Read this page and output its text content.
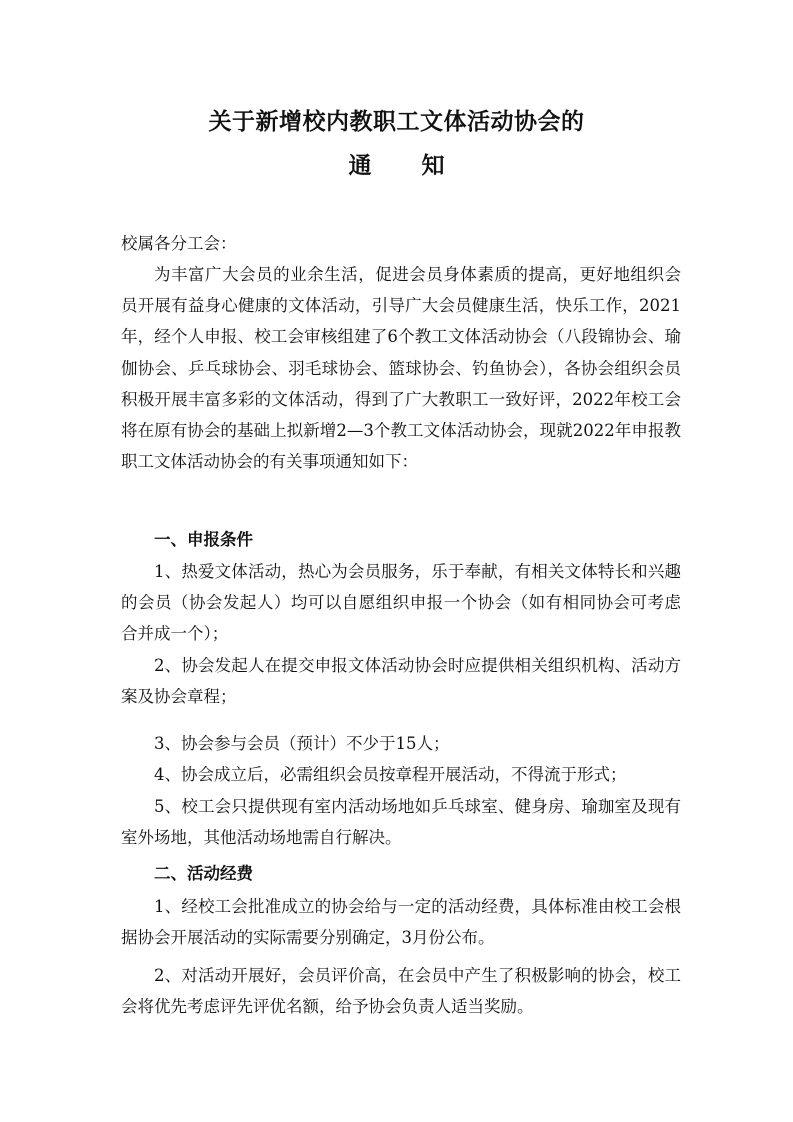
关于新增校内教职工文体活动协会的
通知
校属各分工会：
为丰富广大会员的业余生活，促进会员身体素质的提高，更好地组织会员开展有益身心健康的文体活动，引导广大会员健康生活，快乐工作，2021年，经个人申报、校工会审核组建了6个教工文体活动协会（八段锦协会、瑜伽协会、乒乓球协会、羽毛球协会、篮球协会、钓鱼协会），各协会组织会员积极开展丰富多彩的文体活动，得到了广大教职工一致好评，2022年校工会将在原有协会的基础上拟新增2—3个教工文体活动协会，现就2022年申报教职工文体活动协会的有关事项通知如下：
一、申报条件
1、热爱文体活动，热心为会员服务，乐于奉献，有相关文体特长和兴趣的会员（协会发起人）均可以自愿组织申报一个协会（如有相同协会可考虑合并成一个）；
2、协会发起人在提交申报文体活动协会时应提供相关组织机构、活动方案及协会章程；
3、协会参与会员（预计）不少于15人；
4、协会成立后，必需组织会员按章程开展活动，不得流于形式；
5、校工会只提供现有室内活动场地如乒乓球室、健身房、瑜珈室及现有室外场地，其他活动场地需自行解决。
二、活动经费
1、经校工会批准成立的协会给与一定的活动经费，具体标准由校工会根据协会开展活动的实际需要分别确定，3月份公布。
2、对活动开展好，会员评价高，在会员中产生了积极影响的协会，校工会将优先考虑评先评优名额，给予协会负责人适当奖励。
